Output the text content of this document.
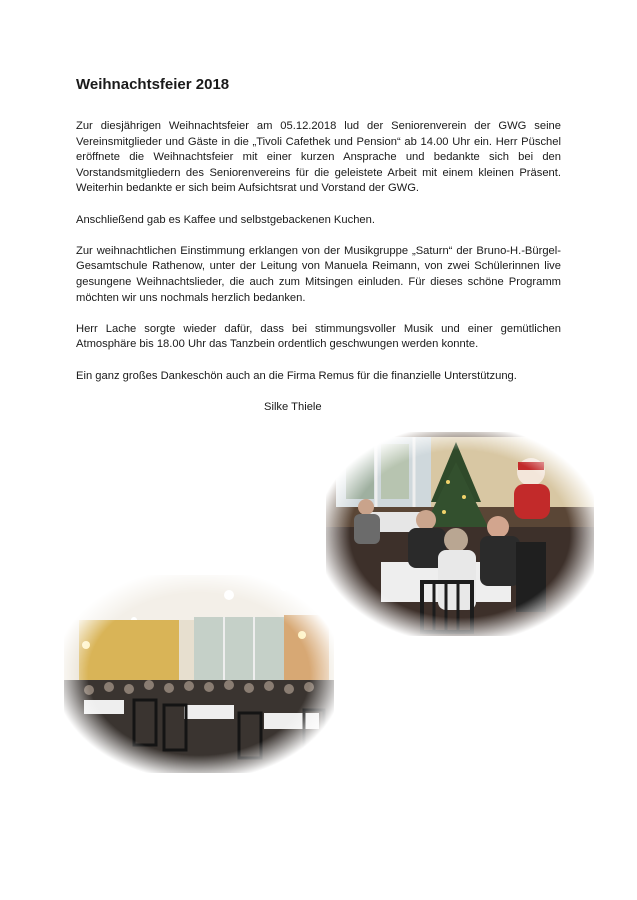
Weihnachtsfeier 2018

Zur diesjährigen Weihnachtsfeier am 05.12.2018 lud der Seniorenverein der GWG seine Vereinsmitglieder und Gäste in die „Tivoli Cafethek und Pension“ ab 14.00 Uhr ein. Herr Püschel eröffnete die Weihnachtsfeier mit einer kurzen Ansprache und bedankte sich bei den Vorstandsmitgliedern des Seniorenvereins für die geleistete Arbeit mit einem kleinen Präsent. Weiterhin bedankte er sich beim Aufsichtsrat und Vorstand der GWG.

Anschließend gab es Kaffee und selbstgebackenen Kuchen.

Zur weihnachtlichen Einstimmung erklangen von der Musikgruppe „Saturn“ der Bruno-H.-Bürgel-Gesamtschule Rathenow, unter der Leitung von Manuela Reimann, von zwei Schülerinnen live gesungene Weihnachtslieder, die auch zum Mitsingen einluden. Für dieses schöne Programm möchten wir uns nochmals herzlich bedanken.

Herr Lache sorgte wieder dafür, dass bei stimmungsvoller Musik und einer gemütlichen Atmosphäre bis 18.00 Uhr das Tanzbein ordentlich geschwungen werden konnte.

Ein ganz großes Dankeschön auch an die Firma Remus für die finanzielle Unterstützung.

Silke Thiele
